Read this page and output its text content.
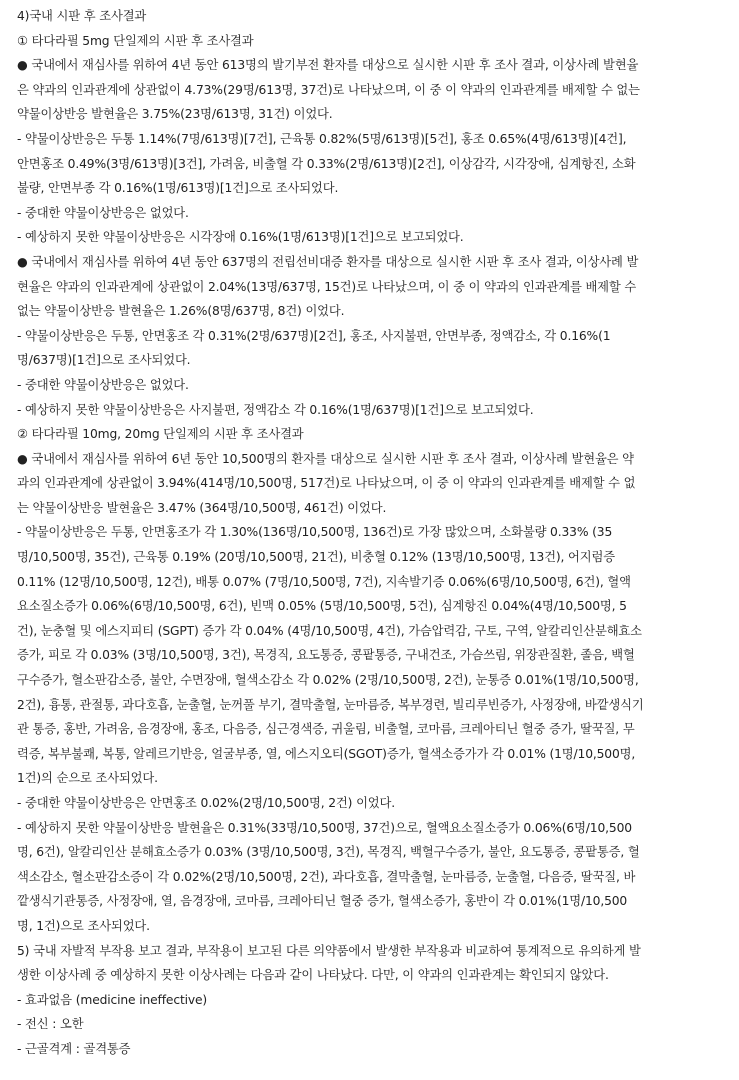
4)국내 시판 후 조사결과
① 타다라필 5mg 단일제의 시판 후 조사결과
● 국내에서 재심사를 위하여 4년 동안 613명의 발기부전 환자를 대상으로 실시한 시판 후 조사 결과, 이상사례 발현율
은 약과의 인과관계에 상관없이 4.73%(29명/613명, 37건)로 나타났으며, 이 중 이 약과의 인과관계를 배제할 수 없는
약물이상반응 발현율은 3.75%(23명/613명, 31건) 이었다.
- 약물이상반응은 두통 1.14%(7명/613명)[7건], 근육통 0.82%(5명/613명)[5건], 홍조 0.65%(4명/613명)[4건],
안면홍조 0.49%(3명/613명)[3건], 가려움, 비출혈 각 0.33%(2명/613명)[2건], 이상감각, 시각장애, 심계항진, 소화
불량, 안면부종 각 0.16%(1명/613명)[1건]으로 조사되었다.
- 중대한 약물이상반응은 없었다.
- 예상하지 못한 약물이상반응은 시각장애 0.16%(1명/613명)[1건]으로 보고되었다.
● 국내에서 재심사를 위하여 4년 동안 637명의 전립선비대증 환자를 대상으로 실시한 시판 후 조사 결과, 이상사례 발
현율은 약과의 인과관계에 상관없이 2.04%(13명/637명, 15건)로 나타났으며, 이 중 이 약과의 인과관계를 배제할 수
없는 약물이상반응 발현율은 1.26%(8명/637명, 8건) 이었다.
- 약물이상반응은 두통, 안면홍조 각 0.31%(2명/637명)[2건], 홍조, 사지불편, 안면부종, 정액감소, 각 0.16%(1
명/637명)[1건]으로 조사되었다.
- 중대한 약물이상반응은 없었다.
- 예상하지 못한 약물이상반응은 사지불편, 정액감소 각 0.16%(1명/637명)[1건]으로 보고되었다.
② 타다라필 10mg, 20mg 단일제의 시판 후 조사결과
● 국내에서 재심사를 위하여 6년 동안 10,500명의 환자를 대상으로 실시한 시판 후 조사 결과, 이상사례 발현율은 약
과의 인과관계에 상관없이 3.94%(414명/10,500명, 517건)로 나타났으며, 이 중 이 약과의 인과관계를 배제할 수 없
는 약물이상반응 발현율은 3.47% (364명/10,500명, 461건) 이었다.
- 약물이상반응은 두통, 안면홍조가 각 1.30%(136명/10,500명, 136건)로 가장 많았으며, 소화불량 0.33% (35
명/10,500명, 35건), 근육통 0.19% (20명/10,500명, 21건), 비충혈 0.12% (13명/10,500명, 13건), 어지럼증
0.11% (12명/10,500명, 12건), 배통 0.07% (7명/10,500명, 7건), 지속발기증 0.06%(6명/10,500명, 6건), 혈액
요소질소증가 0.06%(6명/10,500명, 6건), 빈맥 0.05% (5명/10,500명, 5건), 심계항진 0.04%(4명/10,500명, 5
건), 눈충혈 및 에스지피티 (SGPT) 증가 각 0.04% (4명/10,500명, 4건), 가슴압력감, 구토, 구역, 알칼리인산분해효소
증가, 피로 각 0.03% (3명/10,500명, 3건), 목경직, 요도통증, 콩팥통증, 구내건조, 가슴쓰림, 위장관질환, 졸음, 백혈
구수증가, 혈소판감소증, 불안, 수면장애, 혈색소감소 각 0.02% (2명/10,500명, 2건), 눈통증 0.01%(1명/10,500명,
2건), 흉통, 관절통, 과다호흡, 눈출혈, 눈꺼풀 부기, 결막출혈, 눈마름증, 복부경련, 빌리루빈증가, 사정장애, 바깥생식기
관 통증, 홍반, 가려움, 음경장애, 홍조, 다음증, 심근경색증, 귀울림, 비출혈, 코마름, 크레아티닌 혈중 증가, 딸꾹질, 무
력증, 복부불쾌, 복통, 알레르기반응, 얼굴부종, 열, 에스지오티(SGOT)증가, 혈색소증가가 각 0.01% (1명/10,500명,
1건)의 순으로 조사되었다.
- 중대한 약물이상반응은 안면홍조 0.02%(2명/10,500명, 2건) 이었다.
- 예상하지 못한 약물이상반응 발현율은 0.31%(33명/10,500명, 37건)으로, 혈액요소질소증가 0.06%(6명/10,500
명, 6건), 알칼리인산 분해효소증가 0.03% (3명/10,500명, 3건), 목경직, 백혈구수증가, 불안, 요도통증, 콩팥통증, 혈
색소감소, 혈소판감소증이 각 0.02%(2명/10,500명, 2건), 과다호흡, 결막출혈, 눈마름증, 눈출혈, 다음증, 딸꾹질, 바
깥생식기관통증, 사정장애, 열, 음경장애, 코마름, 크레아티닌 혈중 증가, 혈색소증가, 홍반이 각 0.01%(1명/10,500
명, 1건)으로 조사되었다.
5) 국내 자발적 부작용 보고 결과, 부작용이 보고된 다른 의약품에서 발생한 부작용과 비교하여 통계적으로 유의하게 발
생한 이상사례 중 예상하지 못한 이상사례는 다음과 같이 나타났다. 다만, 이 약과의 인과관계는 확인되지 않았다.
- 효과없음 (medicine ineffective)
- 전신 : 오한
- 근골격계 : 골격통증
